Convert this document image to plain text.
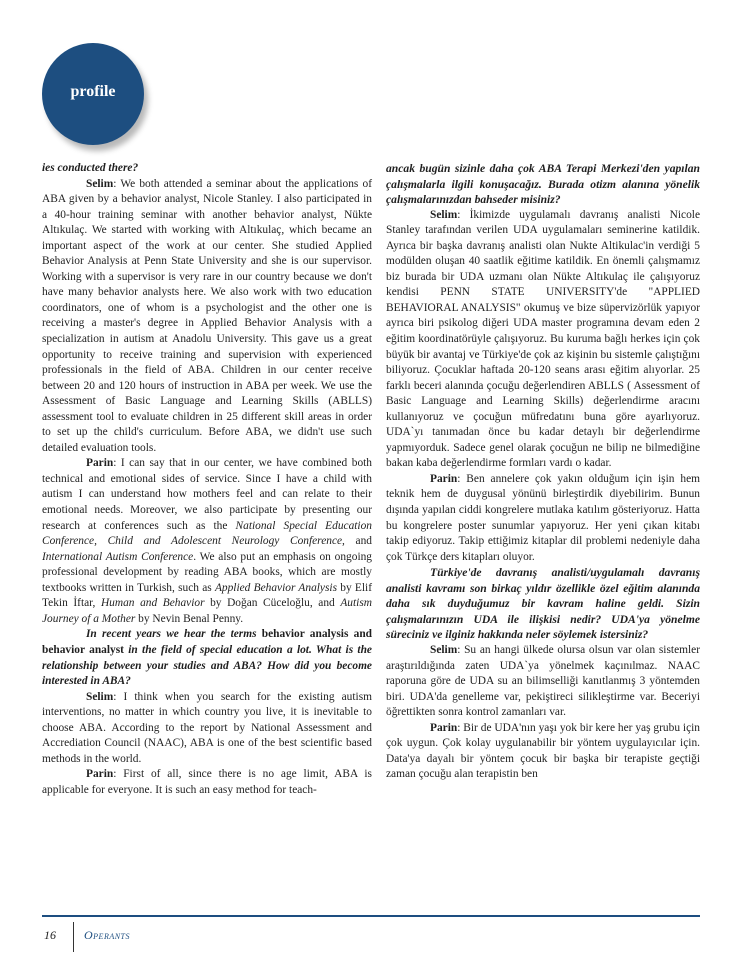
profile

ies conducted there?

Selim: We both attended a seminar about the applications of ABA given by a behavior analyst, Nicole Stanley. I also participated in a 40-hour training seminar with another behavior analyst, Nükte Altıkulaç. We started with working with Altıkulaç, which became an important aspect of the work at our center. She studied Applied Behavior Analysis at Penn State University and she is our supervisor. Working with a supervisor is very rare in our country because we don't have many behavior analysts here. We also work with two education coordinators, one of whom is a psychologist and the other one is receiving a master's degree in Applied Behavior Analysis with a specialization in autism at Anadolu University. This gave us a great opportunity to receive training and supervision with experienced professionals in the field of ABA. Children in our center receive between 20 and 120 hours of instruction in ABA per week. We use the Assessment of Basic Language and Learning Skills (ABLLS) assessment tool to evaluate children in 25 different skill areas in order to set up the child's curriculum. Before ABA, we didn't use such detailed evaluation tools.

Parin: I can say that in our center, we have combined both technical and emotional sides of service. Since I have a child with autism I can understand how mothers feel and can relate to their emotional needs. Moreover, we also participate by presenting our research at conferences such as the National Special Education Conference, Child and Adolescent Neurology Conference, and International Autism Conference. We also put an emphasis on ongoing professional development by reading ABA books, which are mostly textbooks written in Turkish, such as Applied Behavior Analysis by Elif Tekin İftar, Human and Behavior by Doğan Cüceloğlu, and Autism Journey of a Mother by Nevin Benal Penny.

In recent years we hear the terms behavior analysis and behavior analyst in the field of special education a lot. What is the relationship between your studies and ABA? How did you become interested in ABA?

Selim: I think when you search for the existing autism interventions, no matter in which country you live, it is inevitable to choose ABA. According to the report by National Assessment and Accrediation Council (NAAC), ABA is one of the best scientific based methods in the world.

Parin: First of all, since there is no age limit, ABA is applicable for everyone. It is such an easy method for teach-

ancak bugün sizinle daha çok ABA Terapi Merkezi'den yapılan çalışmalarla ilgili konuşacağız. Burada otizm alanına yönelik çalışmalarınızdan bahseder misiniz?

Selim: İkimizde uygulamalı davranış analisti Nicole Stanley tarafından verilen UDA uygulamaları seminerine katildik. Ayrıca bir başka davranış analisti olan Nukte Altikulac'in verdiği 5 modülden oluşan 40 saatlik eğitime katildik. En önemli çalışmamız biz burada bir UDA uzmanı olan Nükte Altıkulaç ile çalışıyoruz kendisi PENN STATE UNIVERSITY'de "APPLIED BEHAVIORAL ANALYSIS" okumuş ve bize süpervizörlük yapıyor ayrıca biri psikolog diğeri UDA master programına devam eden 2 eğitim koordinatörüyle çalışıyoruz. Bu kuruma bağlı herkes için çok büyük bir avantaj ve Türkiye'de çok az kişinin bu sistemle çalıştığını biliyoruz. Çocuklar haftada 20-120 seans arası eğitim alıyorlar. 25 farklı beceri alanında çocuğu değerlendiren ABLLS ( Assessment of Basic Language and Learning Skills) değerlendirme aracını kullanıyoruz ve çocuğun müfredatını buna göre ayarlıyoruz. UDA`yı tanımadan önce bu kadar detaylı bir değerlendirme yapmıyorduk. Sadece genel olarak çocuğun ne bilip ne bilmediğine bakan kaba değerlendirme formları vardı o kadar.

Parin: Ben annelere çok yakın olduğum için işin hem teknik hem de duygusal yönünü birleştirdik diyebilirim. Bunun dışında yapılan ciddi kongrelere mutlaka katılım gösteriyoruz. Hatta bu kongrelere poster sunumlar yapıyoruz. Her yeni çıkan kitabı takip ediyoruz. Takip ettiğimiz kitaplar dil problemi nedeniyle daha çok Türkçe ders kitapları oluyor.

Türkiye'de davranış analisti/uygulamalı davranış analisti kavramı son birkaç yıldır özellikle özel eğitim alanında daha sık duyduğumuz bir kavram haline geldi. Sizin çalışmalarınızın UDA ile ilişkisi nedir? UDA'ya yönelme süreciniz ve ilginiz hakkında neler söylemek istersiniz?

Selim: Su an hangi ülkede olursa olsun var olan sistemler araştırıldığında zaten UDA`ya yönelmek kaçınılmaz. NAAC raporuna göre de UDA su an bilimselliği kanıtlanmış 3 yöntemden biri. UDA'da genelleme var, pekiştireci silikleştirme var. Beceriyi öğrettikten sonra kontrol zamanları var.

Parin: Bir de UDA'nın yaşı yok bir kere her yaş grubu için çok uygun. Çok kolay uygulanabilir bir yöntem uygulayıcılar için. Data'ya dayalı bir yöntem çocuk bir başka bir terapiste geçtiği zaman çocuğu alan terapistin ben

16 Operants
